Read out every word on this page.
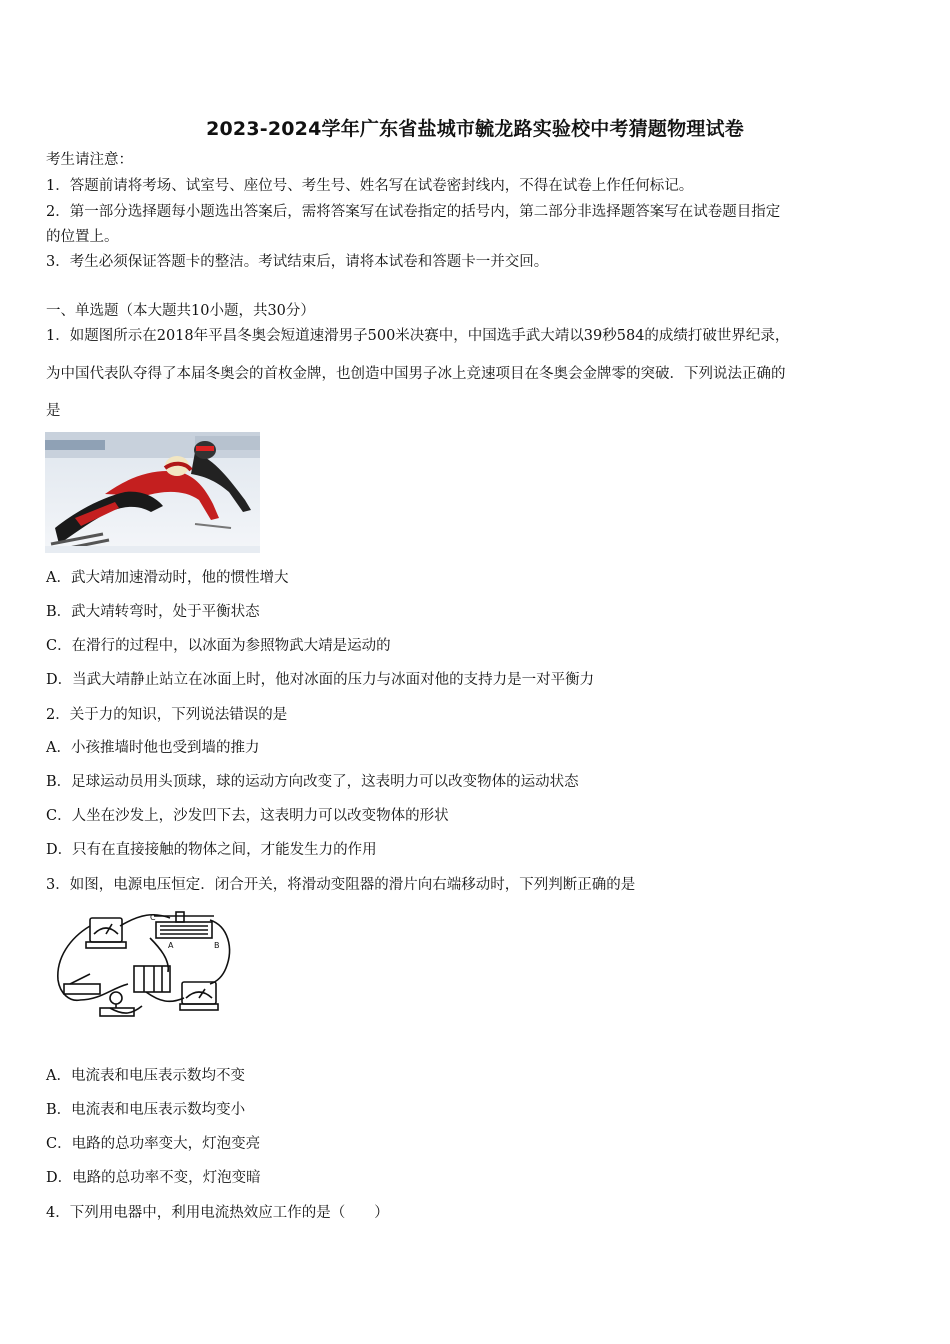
2023-2024学年广东省盐城市毓龙路实验校中考猜题物理试卷
考生请注意：
1．答题前请将考场、试室号、座位号、考生号、姓名写在试卷密封线内，不得在试卷上作任何标记。
2．第一部分选择题每小题选出答案后，需将答案写在试卷指定的括号内，第二部分非选择题答案写在试卷题目指定
的位置上。
3．考生必须保证答题卡的整洁。考试结束后，请将本试卷和答题卡一并交回。
一、单选题（本大题共10小题，共30分）
1．如题图所示在2018年平昌冬奥会短道速滑男子500米决赛中，中国选手武大靖以39秒584的成绩打破世界纪录，
为中国代表队夺得了本届冬奥会的首枚金牌，也创造中国男子冰上竞速项目在冬奥会金牌零的突破．下列说法正确的
是
A．武大靖加速滑动时，他的惯性增大
B．武大靖转弯时，处于平衡状态
C．在滑行的过程中，以冰面为参照物武大靖是运动的
D．当武大靖静止站立在冰面上时，他对冰面的压力与冰面对他的支持力是一对平衡力
2．关于力的知识，下列说法错误的是
A．小孩推墙时他也受到墙的推力
B．足球运动员用头顶球，球的运动方向改变了，这表明力可以改变物体的运动状态
C．人坐在沙发上，沙发凹下去，这表明力可以改变物体的形状
D．只有在直接接触的物体之间，才能发生力的作用
3．如图，电源电压恒定．闭合开关，将滑动变阻器的滑片向右端移动时，下列判断正确的是
C
A	B
A．电流表和电压表示数均不变
B．电流表和电压表示数均变小
C．电路的总功率变大，灯泡变亮
D．电路的总功率不变，灯泡变暗
4．下列用电器中，利用电流热效应工作的是（　　）
